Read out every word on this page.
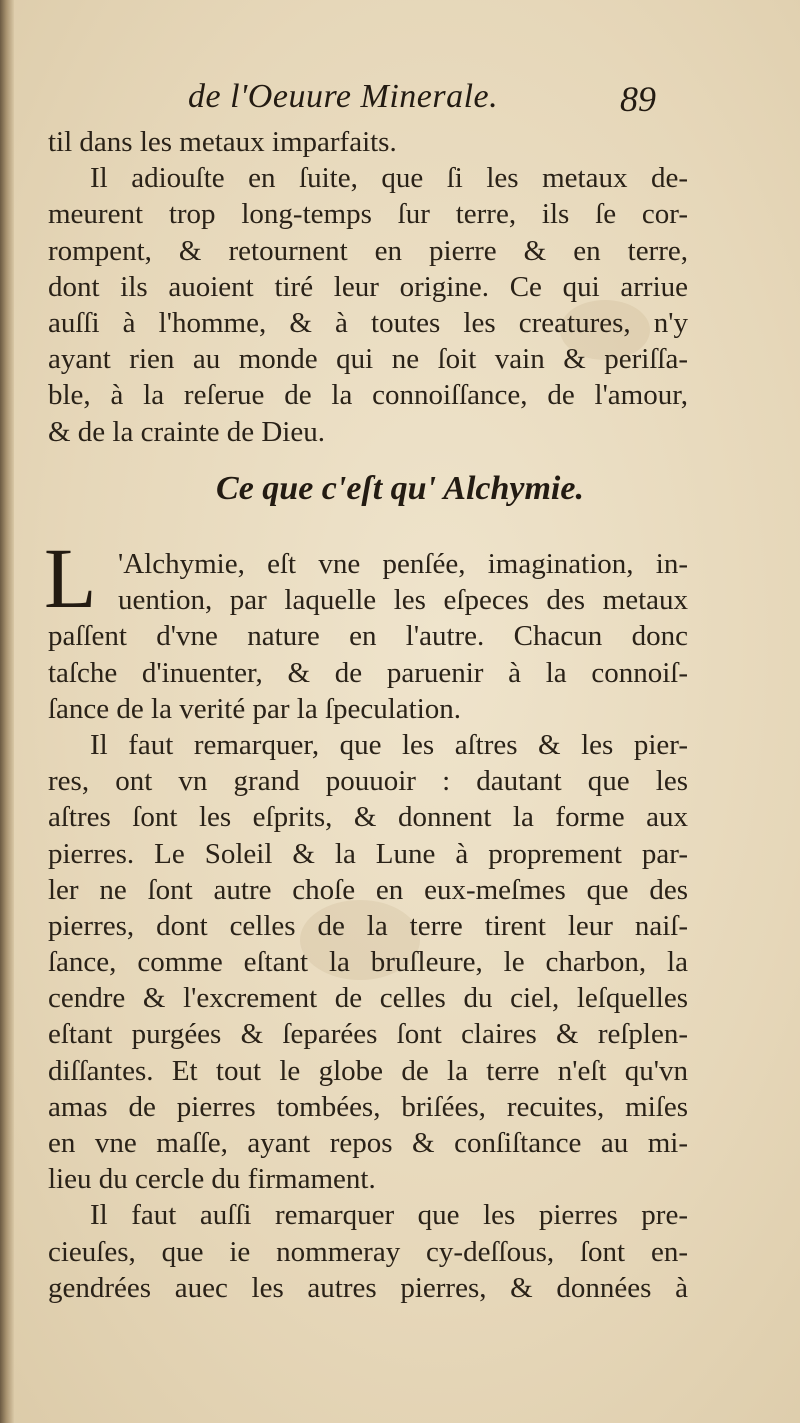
de l'Oeuure Minerale.	89
til dans les metaux imparfaits.
Il adiouſte en ſuite, que ſi les metaux de-
meurent trop long-temps ſur terre, ils ſe cor-
rompent, & retournent en pierre & en terre,
dont ils auoient tiré leur origine. Ce qui arriue
auſſi à l'homme, & à toutes les creatures, n'y
ayant rien au monde qui ne ſoit vain & periſſa-
ble, à la reſerue de la connoiſſance, de l'amour,
& de la crainte de Dieu.
Ce que c'eſt qu' Alchymie.
L 'Alchymie, eſt vne penſée, imagination, in-
uention, par laquelle les eſpeces des metaux
paſſent d'vne nature en l'autre. Chacun donc
taſche d'inuenter, & de paruenir à la connoiſ-
ſance de la verité par la ſpeculation.
Il faut remarquer, que les aſtres & les pier-
res, ont vn grand pouuoir : dautant que les
aſtres ſont les eſprits, & donnent la forme aux
pierres. Le Soleil & la Lune à proprement par-
ler ne ſont autre choſe en eux-meſmes que des
pierres, dont celles de la terre tirent leur naiſ-
ſance, comme eſtant la bruſleure, le charbon, la
cendre & l'excrement de celles du ciel, leſquelles
eſtant purgées & ſeparées ſont claires & reſplen-
diſſantes. Et tout le globe de la terre n'eſt qu'vn
amas de pierres tombées, briſées, recuites, miſes
en vne maſſe, ayant repos & conſiſtance au mi-
lieu du cercle du firmament.
Il faut auſſi remarquer que les pierres pre-
cieuſes, que ie nommeray cy-deſſous, ſont en-
gendrées auec les autres pierres, & données à
